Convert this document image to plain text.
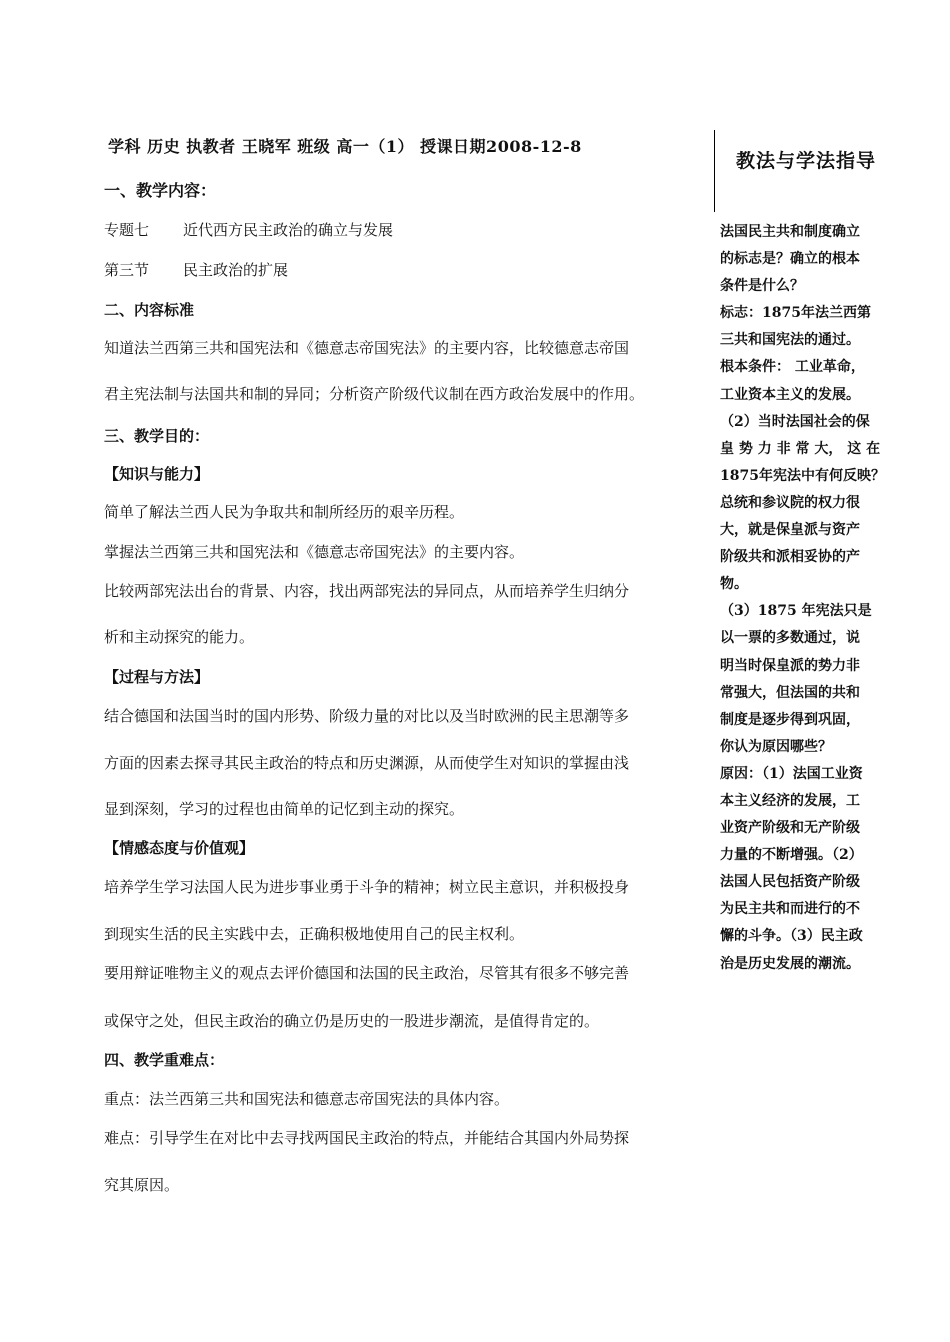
学科 历史 执教者 王晓军 班级 高一（1） 授课日期2008-12-8
教法与学法指导
法国民主共和制度确立
的标志是？确立的根本
条件是什么？
标志：1875年法兰西第
三共和国宪法的通过。
根本条件： 工业革命，
工业资本主义的发展。
（2）当时法国社会的保
皇 势 力 非 常 大， 这 在
1875年宪法中有何反映？
总统和参议院的权力很
大，就是保皇派与资产
阶级共和派相妥协的产
物。
（3）1875 年宪法只是
以一票的多数通过，说
明当时保皇派的势力非
常强大，但法国的共和
制度是逐步得到巩固，
你认为原因哪些？
原因：（1）法国工业资
本主义经济的发展，工
业资产阶级和无产阶级
力量的不断增强。（2）
法国人民包括资产阶级
为民主共和而进行的不
懈的斗争。（3）民主政
治是历史发展的潮流。
一、教学内容：
专题七 近代西方民主政治的确立与发展
第三节 民主政治的扩展
二、内容标准
知道法兰西第三共和国宪法和《德意志帝国宪法》的主要内容，比较德意志帝国
君主宪法制与法国共和制的异同；分析资产阶级代议制在西方政治发展中的作用。
三、教学目的：
【知识与能力】
简单了解法兰西人民为争取共和制所经历的艰辛历程。
掌握法兰西第三共和国宪法和《德意志帝国宪法》的主要内容。
比较两部宪法出台的背景、内容，找出两部宪法的异同点，从而培养学生归纳分
析和主动探究的能力。
【过程与方法】
结合德国和法国当时的国内形势、阶级力量的对比以及当时欧洲的民主思潮等多
方面的因素去探寻其民主政治的特点和历史渊源，从而使学生对知识的掌握由浅
显到深刻，学习的过程也由简单的记忆到主动的探究。
【情感态度与价值观】
培养学生学习法国人民为进步事业勇于斗争的精神；树立民主意识，并积极投身
到现实生活的民主实践中去，正确积极地使用自己的民主权利。
要用辩证唯物主义的观点去评价德国和法国的民主政治，尽管其有很多不够完善
或保守之处，但民主政治的确立仍是历史的一股进步潮流，是值得肯定的。
四、教学重难点：
重点：法兰西第三共和国宪法和德意志帝国宪法的具体内容。
难点：引导学生在对比中去寻找两国民主政治的特点，并能结合其国内外局势探
究其原因。
